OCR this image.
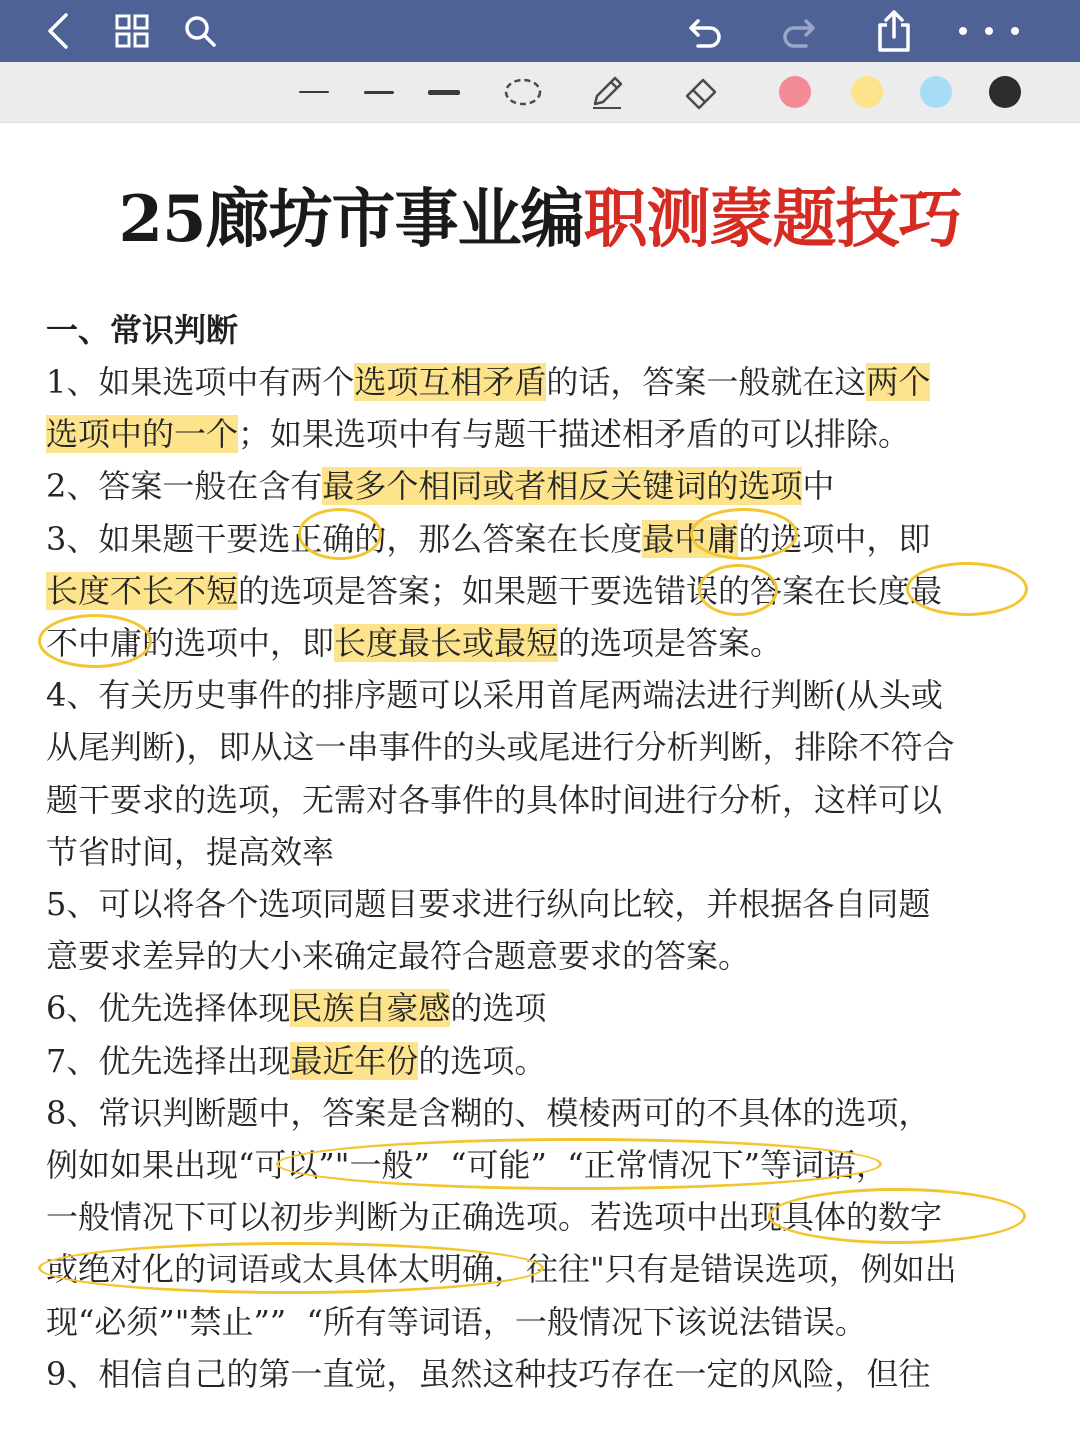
25廊坊市事业编职测蒙题技巧
一、常识判断
1、如果选项中有两个选项互相矛盾的话，答案一般就在这两个
选项中的一个；如果选项中有与题干描述相矛盾的可以排除。
2、答案一般在含有最多个相同或者相反关键词的选项中
3、如果题干要选正确的，那么答案在长度最中庸的选项中，即
长度不长不短的选项是答案；如果题干要选错误的答案在长度最
不中庸的选项中，即长度最长或最短的选项是答案。
4、有关历史事件的排序题可以采用首尾两端法进行判断(从头或
从尾判断)，即从这一串事件的头或尾进行分析判断，排除不符合
题干要求的选项，无需对各事件的具体时间进行分析，这样可以
节省时间，提高效率
5、可以将各个选项同题目要求进行纵向比较，并根据各自同题
意要求差异的大小来确定最符合题意要求的答案。
6、优先选择体现民族自豪感的选项
7、优先选择出现最近年份的选项。
8、常识判断题中，答案是含糊的、模棱两可的不具体的选项，
例如如果出现“可以”"一般”  “可能”  “正常情况下”等词语，
一般情况下可以初步判断为正确选项。若选项中出现具体的数字
或绝对化的词语或太具体太明确，往往"只有是错误选项，例如出
现“必须”"禁止””  “所有等词语，一般情况下该说法错误。
9、相信自己的第一直觉，虽然这种技巧存在一定的风险，但往
